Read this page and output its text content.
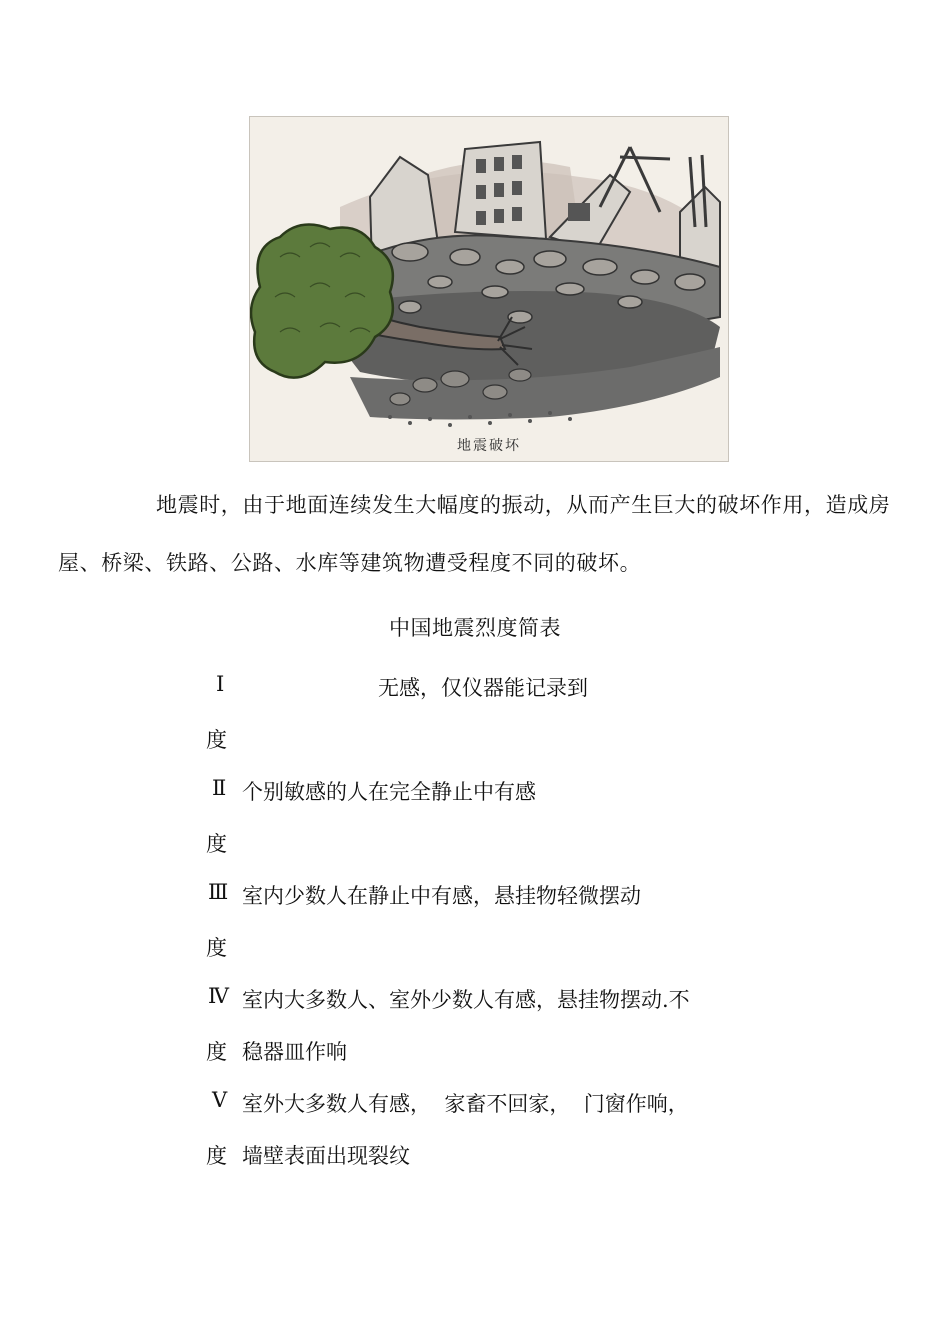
地震破坏

地震时，由于地面连续发生大幅度的振动，从而产生巨大的破坏作用，造成房屋、桥梁、铁路、公路、水库等建筑物遭受程度不同的破坏。

中国地震烈度简表
Ⅰ
度
无感，仅仪器能记录到
Ⅱ
度
个别敏感的人在完全静止中有感
Ⅲ
度
室内少数人在静止中有感，悬挂物轻微摆动
Ⅳ
度
室内大多数人、室外少数人有感，悬挂物摆动.不
稳器皿作响
Ⅴ
度
室外大多数人有感，  家畜不回家，  门窗作响，
墙壁表面出现裂纹
